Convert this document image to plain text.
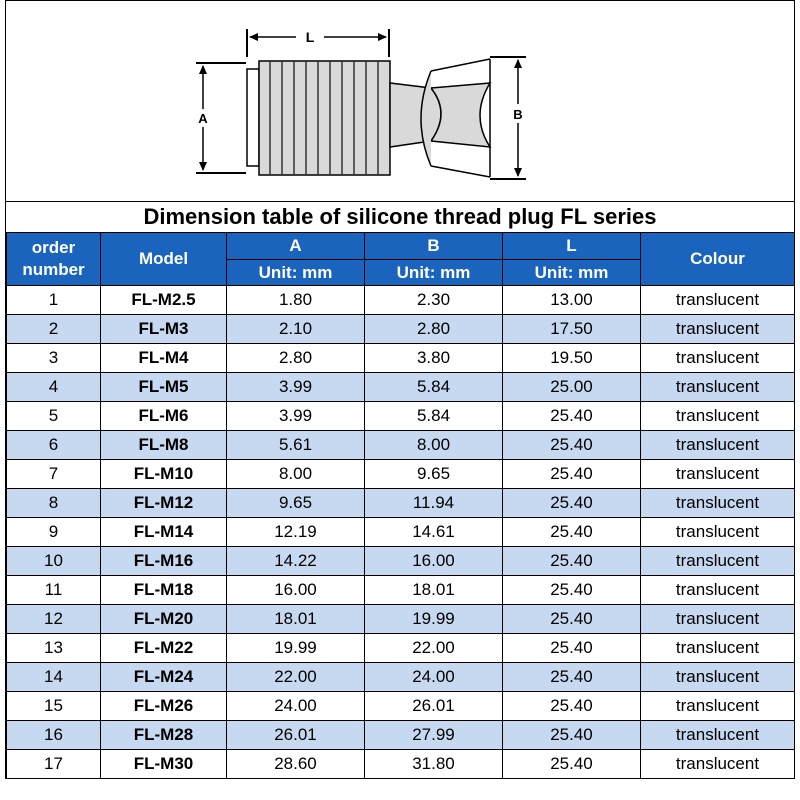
L
A	B
Dimension table of silicone thread plug FL series
order number	Model	A	B	L	Colour
		Unit: mm	Unit: mm	Unit: mm	
1	FL-M2.5	1.80	2.30	13.00	translucent
2	FL-M3	2.10	2.80	17.50	translucent
3	FL-M4	2.80	3.80	19.50	translucent
4	FL-M5	3.99	5.84	25.00	translucent
5	FL-M6	3.99	5.84	25.40	translucent
6	FL-M8	5.61	8.00	25.40	translucent
7	FL-M10	8.00	9.65	25.40	translucent
8	FL-M12	9.65	11.94	25.40	translucent
9	FL-M14	12.19	14.61	25.40	translucent
10	FL-M16	14.22	16.00	25.40	translucent
11	FL-M18	16.00	18.01	25.40	translucent
12	FL-M20	18.01	19.99	25.40	translucent
13	FL-M22	19.99	22.00	25.40	translucent
14	FL-M24	22.00	24.00	25.40	translucent
15	FL-M26	24.00	26.01	25.40	translucent
16	FL-M28	26.01	27.99	25.40	translucent
17	FL-M30	28.60	31.80	25.40	translucent
